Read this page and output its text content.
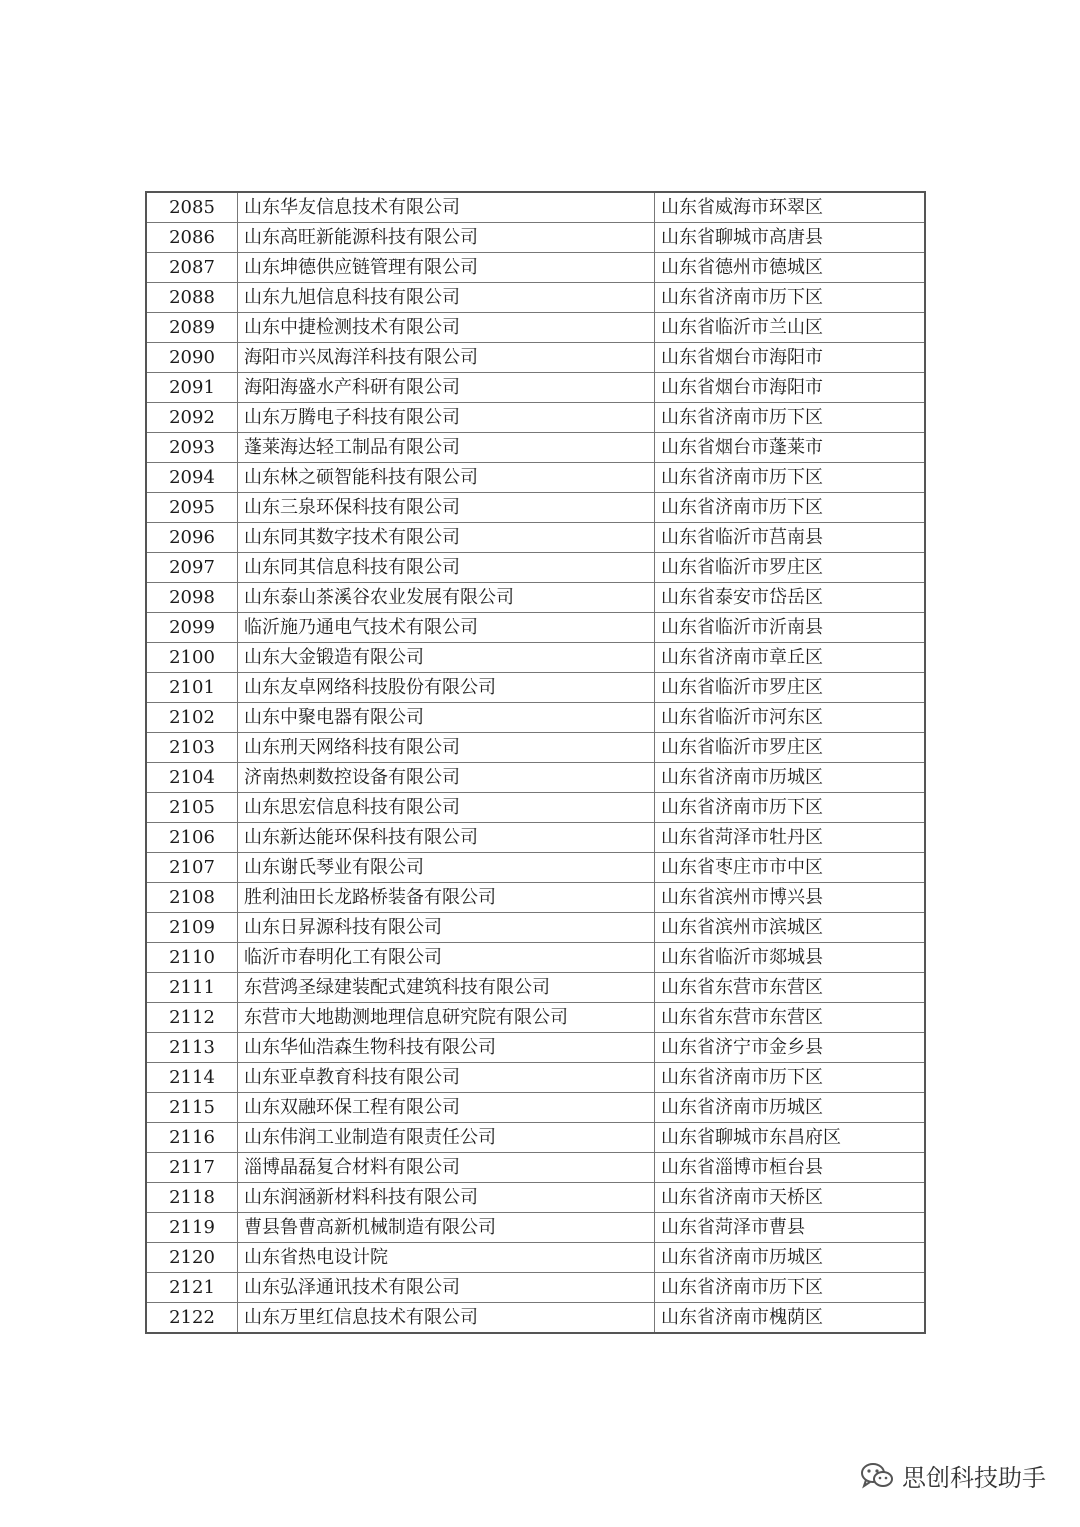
2085	山东华友信息技术有限公司	山东省威海市环翠区
2086	山东高旺新能源科技有限公司	山东省聊城市高唐县
2087	山东坤德供应链管理有限公司	山东省德州市德城区
2088	山东九旭信息科技有限公司	山东省济南市历下区
2089	山东中捷检测技术有限公司	山东省临沂市兰山区
2090	海阳市兴凤海洋科技有限公司	山东省烟台市海阳市
2091	海阳海盛水产科研有限公司	山东省烟台市海阳市
2092	山东万腾电子科技有限公司	山东省济南市历下区
2093	蓬莱海达轻工制品有限公司	山东省烟台市蓬莱市
2094	山东林之硕智能科技有限公司	山东省济南市历下区
2095	山东三泉环保科技有限公司	山东省济南市历下区
2096	山东同其数字技术有限公司	山东省临沂市莒南县
2097	山东同其信息科技有限公司	山东省临沂市罗庄区
2098	山东泰山茶溪谷农业发展有限公司	山东省泰安市岱岳区
2099	临沂施乃通电气技术有限公司	山东省临沂市沂南县
2100	山东大金锻造有限公司	山东省济南市章丘区
2101	山东友卓网络科技股份有限公司	山东省临沂市罗庄区
2102	山东中聚电器有限公司	山东省临沂市河东区
2103	山东刑天网络科技有限公司	山东省临沂市罗庄区
2104	济南热刺数控设备有限公司	山东省济南市历城区
2105	山东思宏信息科技有限公司	山东省济南市历下区
2106	山东新达能环保科技有限公司	山东省菏泽市牡丹区
2107	山东谢氏琴业有限公司	山东省枣庄市市中区
2108	胜利油田长龙路桥装备有限公司	山东省滨州市博兴县
2109	山东日昇源科技有限公司	山东省滨州市滨城区
2110	临沂市春明化工有限公司	山东省临沂市郯城县
2111	东营鸿圣绿建装配式建筑科技有限公司	山东省东营市东营区
2112	东营市大地勘测地理信息研究院有限公司	山东省东营市东营区
2113	山东华仙浩森生物科技有限公司	山东省济宁市金乡县
2114	山东亚卓教育科技有限公司	山东省济南市历下区
2115	山东双融环保工程有限公司	山东省济南市历城区
2116	山东伟润工业制造有限责任公司	山东省聊城市东昌府区
2117	淄博晶磊复合材料有限公司	山东省淄博市桓台县
2118	山东润涵新材料科技有限公司	山东省济南市天桥区
2119	曹县鲁曹高新机械制造有限公司	山东省菏泽市曹县
2120	山东省热电设计院	山东省济南市历城区
2121	山东弘泽通讯技术有限公司	山东省济南市历下区
2122	山东万里红信息技术有限公司	山东省济南市槐荫区
思创科技助手
